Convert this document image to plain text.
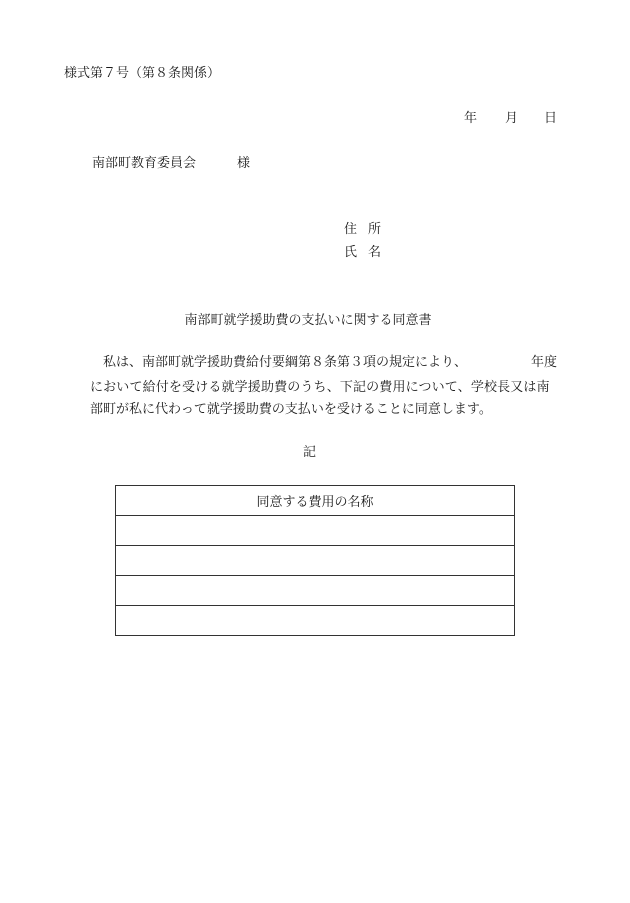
様式第７号（第８条関係）
年 月 日
南部町教育委員会	様
住所
氏名
南部町就学援助費の支払いに関する同意書
私は、南部町就学援助費給付要綱第８条第３項の規定により、	年度
において給付を受ける就学援助費のうち、下記の費用について、学校長又は南
部町が私に代わって就学援助費の支払いを受けることに同意します。
記
同意する費用の名称
